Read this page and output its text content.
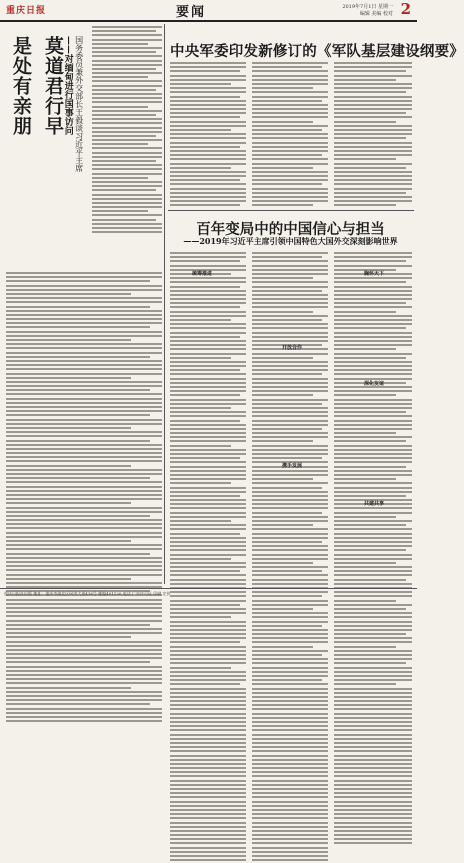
重庆日报	要闻	2019年7月1日 星期一
编辑 美编 校对 2
莫道君行早
是处有亲朋	——对缅甸进行国事访问 国务委员兼外交部长王毅谈习近平主席	中央军委印发新修订的《军队基层建设纲要》
百年变局中的中国信心与担当
——2019年习近平主席引领中国特色大国外交深刻影响世界
统筹推进
开放合作
携手发展
胸怀天下
深化友谊
共建共享
重庆日报社出版 地址：重庆市渝北区同茂大道416号 邮编401120 电话 广告许可证 印刷 定价
